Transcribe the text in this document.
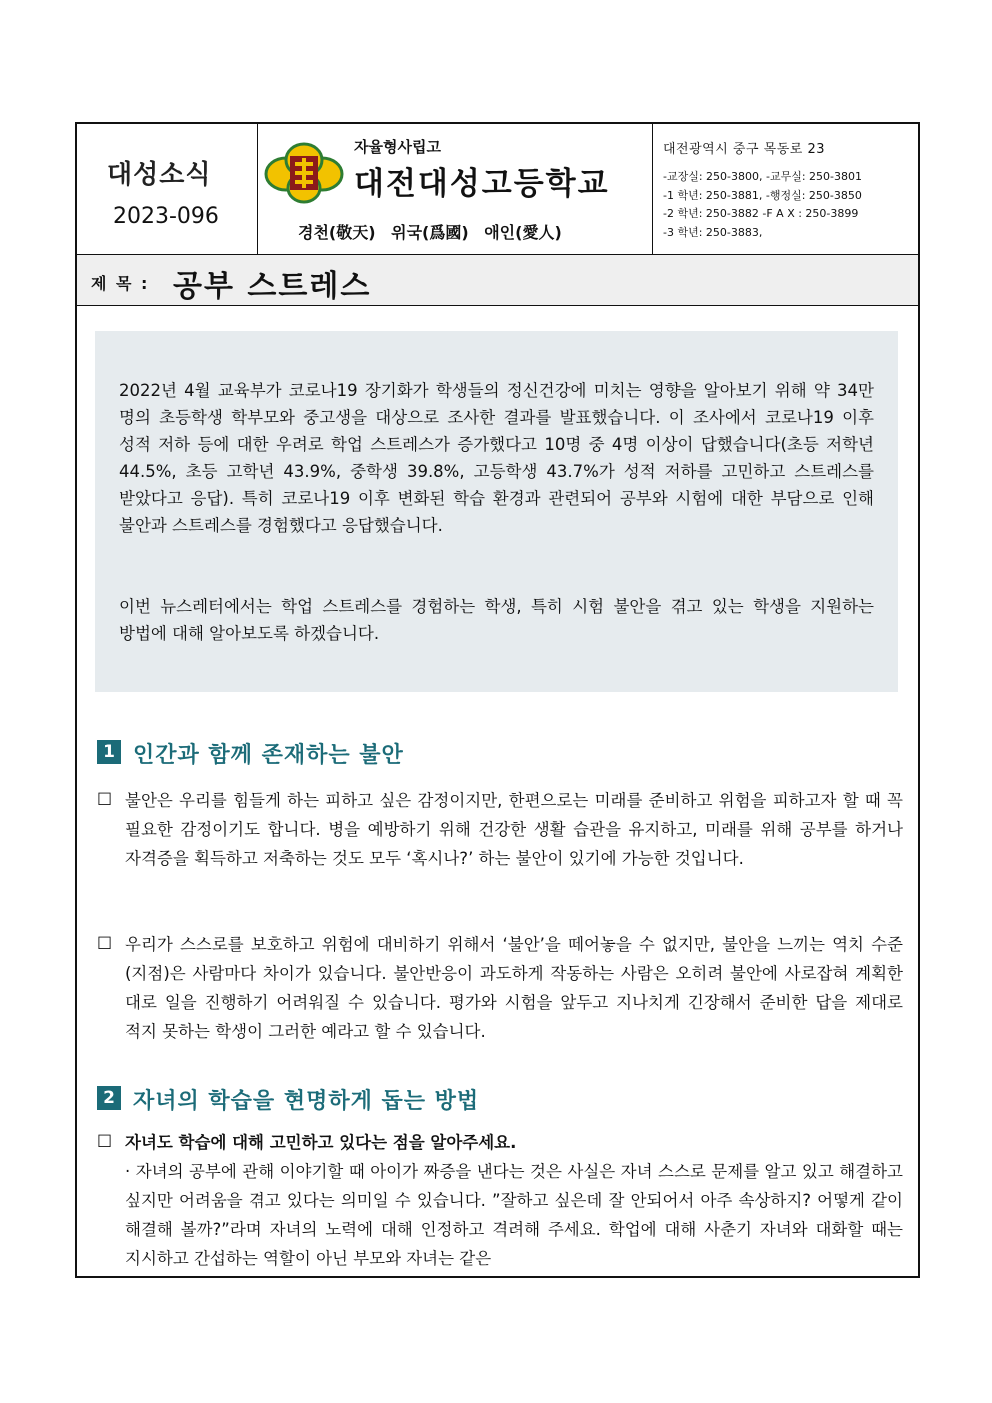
대성소식
2023-096
자율형사립고
대전대성고등학교
경천(敬天) 위국(爲國) 애인(愛人)
대전광역시 중구 목동로 23
-교장실: 250-3800, -교무실: 250-3801
-1 학년: 250-3881, -행정실: 250-3850
-2 학년: 250-3882 -F A X : 250-3899
-3 학년: 250-3883,
제 목 : 공부 스트레스

2022년 4월 교육부가 코로나19 장기화가 학생들의 정신건강에 미치는 영향을 알아보기 위해 약 34만 명의 초등학생 학부모와 중고생을 대상으로 조사한 결과를 발표했습니다. 이 조사에서 코로나19 이후 성적 저하 등에 대한 우려로 학업 스트레스가 증가했다고 10명 중 4명 이상이 답했습니다(초등 저학년 44.5%, 초등 고학년 43.9%, 중학생 39.8%, 고등학생 43.7%가 성적 저하를 고민하고 스트레스를 받았다고 응답). 특히 코로나19 이후 변화된 학습 환경과 관련되어 공부와 시험에 대한 부담으로 인해 불안과 스트레스를 경험했다고 응답했습니다.

이번 뉴스레터에서는 학업 스트레스를 경험하는 학생, 특히 시험 불안을 겪고 있는 학생을 지원하는 방법에 대해 알아보도록 하겠습니다.

1 인간과 함께 존재하는 불안
□ 불안은 우리를 힘들게 하는 피하고 싶은 감정이지만, 한편으로는 미래를 준비하고 위험을 피하고자 할 때 꼭 필요한 감정이기도 합니다. 병을 예방하기 위해 건강한 생활 습관을 유지하고, 미래를 위해 공부를 하거나 자격증을 획득하고 저축하는 것도 모두 ‘혹시나?’ 하는 불안이 있기에 가능한 것입니다.
□ 우리가 스스로를 보호하고 위험에 대비하기 위해서 ‘불안’을 떼어놓을 수 없지만, 불안을 느끼는 역치 수준(지점)은 사람마다 차이가 있습니다. 불안반응이 과도하게 작동하는 사람은 오히려 불안에 사로잡혀 계획한 대로 일을 진행하기 어려워질 수 있습니다. 평가와 시험을 앞두고 지나치게 긴장해서 준비한 답을 제대로 적지 못하는 학생이 그러한 예라고 할 수 있습니다.
2 자녀의 학습을 현명하게 돕는 방법
□ 자녀도 학습에 대해 고민하고 있다는 점을 알아주세요.
· 자녀의 공부에 관해 이야기할 때 아이가 짜증을 낸다는 것은 사실은 자녀 스스로 문제를 알고 있고 해결하고 싶지만 어려움을 겪고 있다는 의미일 수 있습니다. ”잘하고 싶은데 잘 안되어서 아주 속상하지? 어떻게 같이 해결해 볼까?”라며 자녀의 노력에 대해 인정하고 격려해 주세요. 학업에 대해 사춘기 자녀와 대화할 때는 지시하고 간섭하는 역할이 아닌 부모와 자녀는 같은
